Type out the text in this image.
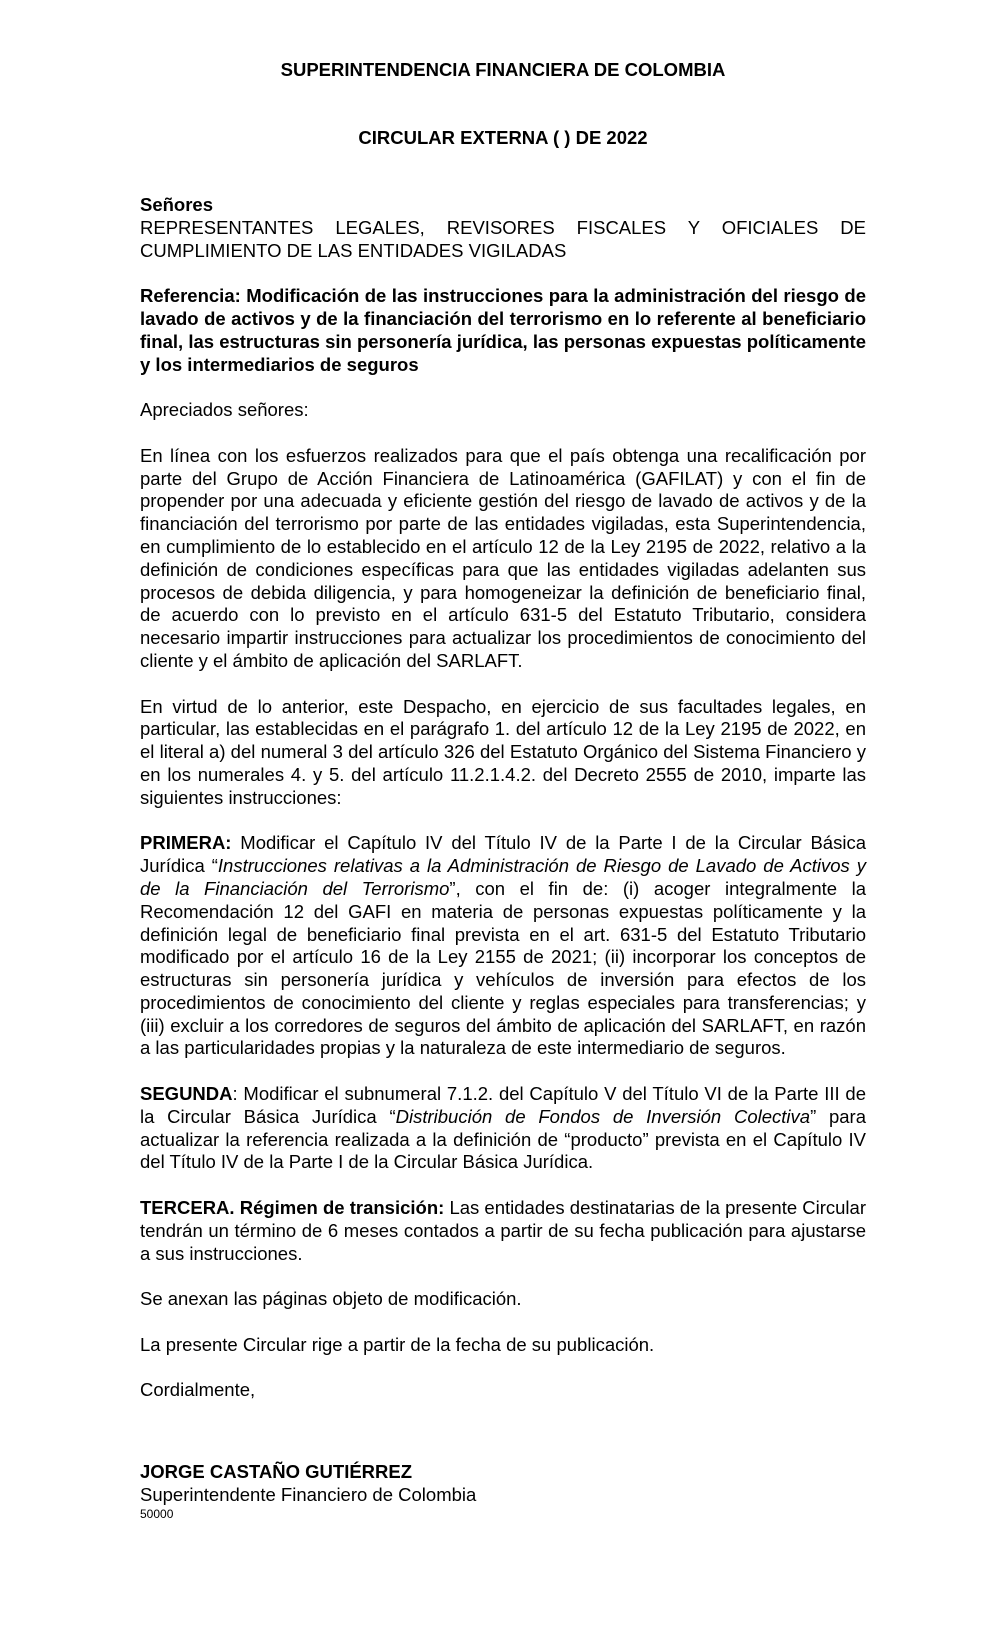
SUPERINTENDENCIA FINANCIERA DE COLOMBIA

CIRCULAR EXTERNA ( ) DE 2022

Señores

REPRESENTANTES LEGALES, REVISORES FISCALES Y OFICIALES DE CUMPLIMIENTO DE LAS ENTIDADES VIGILADAS

Referencia: Modificación de las instrucciones para la administración del riesgo de lavado de activos y de la financiación del terrorismo en lo referente al beneficiario final, las estructuras sin personería jurídica, las personas expuestas políticamente y los intermediarios de seguros

Apreciados señores:

En línea con los esfuerzos realizados para que el país obtenga una recalificación por parte del Grupo de Acción Financiera de Latinoamérica (GAFILAT) y con el fin de propender por una adecuada y eficiente gestión del riesgo de lavado de activos y de la financiación del terrorismo por parte de las entidades vigiladas, esta Superintendencia, en cumplimiento de lo establecido en el artículo 12 de la Ley 2195 de 2022, relativo a la definición de condiciones específicas para que las entidades vigiladas adelanten sus procesos de debida diligencia, y para homogeneizar la definición de beneficiario final, de acuerdo con lo previsto en el artículo 631-5 del Estatuto Tributario, considera necesario impartir instrucciones para actualizar los procedimientos de conocimiento del cliente y el ámbito de aplicación del SARLAFT.

En virtud de lo anterior, este Despacho, en ejercicio de sus facultades legales, en particular, las establecidas en el parágrafo 1. del artículo 12 de la Ley 2195 de 2022, en el literal a) del numeral 3 del artículo 326 del Estatuto Orgánico del Sistema Financiero y en los numerales 4. y 5. del artículo 11.2.1.4.2. del Decreto 2555 de 2010, imparte las siguientes instrucciones:

PRIMERA: Modificar el Capítulo IV del Título IV de la Parte I de la Circular Básica Jurídica “Instrucciones relativas a la Administración de Riesgo de Lavado de Activos y de la Financiación del Terrorismo”, con el fin de: (i) acoger integralmente la Recomendación 12 del GAFI en materia de personas expuestas políticamente y la definición legal de beneficiario final prevista en el art. 631-5 del Estatuto Tributario modificado por el artículo 16 de la Ley 2155 de 2021; (ii) incorporar los conceptos de estructuras sin personería jurídica y vehículos de inversión para efectos de los procedimientos de conocimiento del cliente y reglas especiales para transferencias; y (iii) excluir a los corredores de seguros del ámbito de aplicación del SARLAFT, en razón a las particularidades propias y la naturaleza de este intermediario de seguros.

SEGUNDA: Modificar el subnumeral 7.1.2. del Capítulo V del Título VI de la Parte III de la Circular Básica Jurídica “Distribución de Fondos de Inversión Colectiva” para actualizar la referencia realizada a la definición de “producto” prevista en el Capítulo IV del Título IV de la Parte I de la Circular Básica Jurídica.

TERCERA. Régimen de transición: Las entidades destinatarias de la presente Circular tendrán un término de 6 meses contados a partir de su fecha publicación para ajustarse a sus instrucciones.

Se anexan las páginas objeto de modificación.

La presente Circular rige a partir de la fecha de su publicación.

Cordialmente,

JORGE CASTAÑO GUTIÉRREZ

Superintendente Financiero de Colombia

50000
